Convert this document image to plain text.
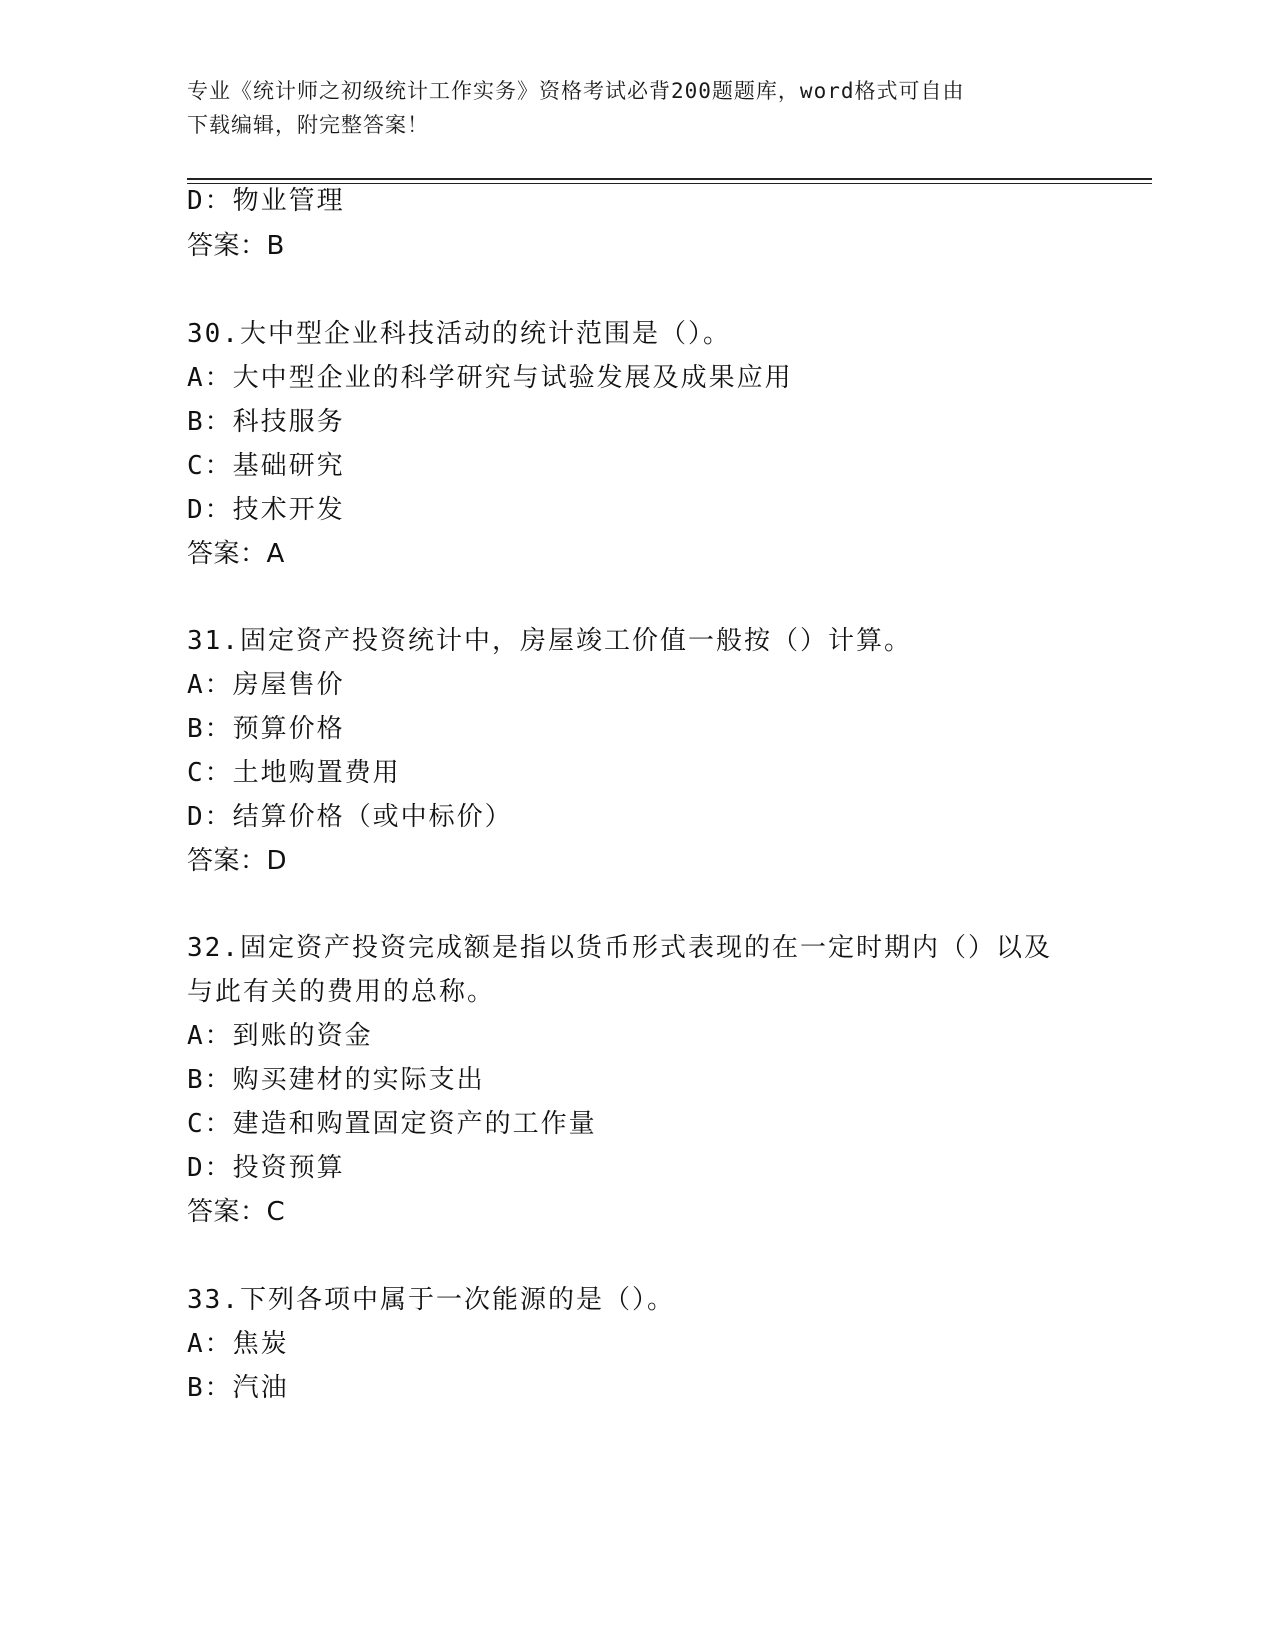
专业《统计师之初级统计工作实务》资格考试必背200题题库，word格式可自由
下载编辑，附完整答案！
D：物业管理
答案：B
30.大中型企业科技活动的统计范围是（）。
A：大中型企业的科学研究与试验发展及成果应用
B：科技服务
C：基础研究
D：技术开发
答案：A
31.固定资产投资统计中，房屋竣工价值一般按（）计算。
A：房屋售价
B：预算价格
C：土地购置费用
D：结算价格（或中标价）
答案：D
32.固定资产投资完成额是指以货币形式表现的在一定时期内（）以及
与此有关的费用的总称。
A：到账的资金
B：购买建材的实际支出
C：建造和购置固定资产的工作量
D：投资预算
答案：C
33.下列各项中属于一次能源的是（）。
A：焦炭
B：汽油
